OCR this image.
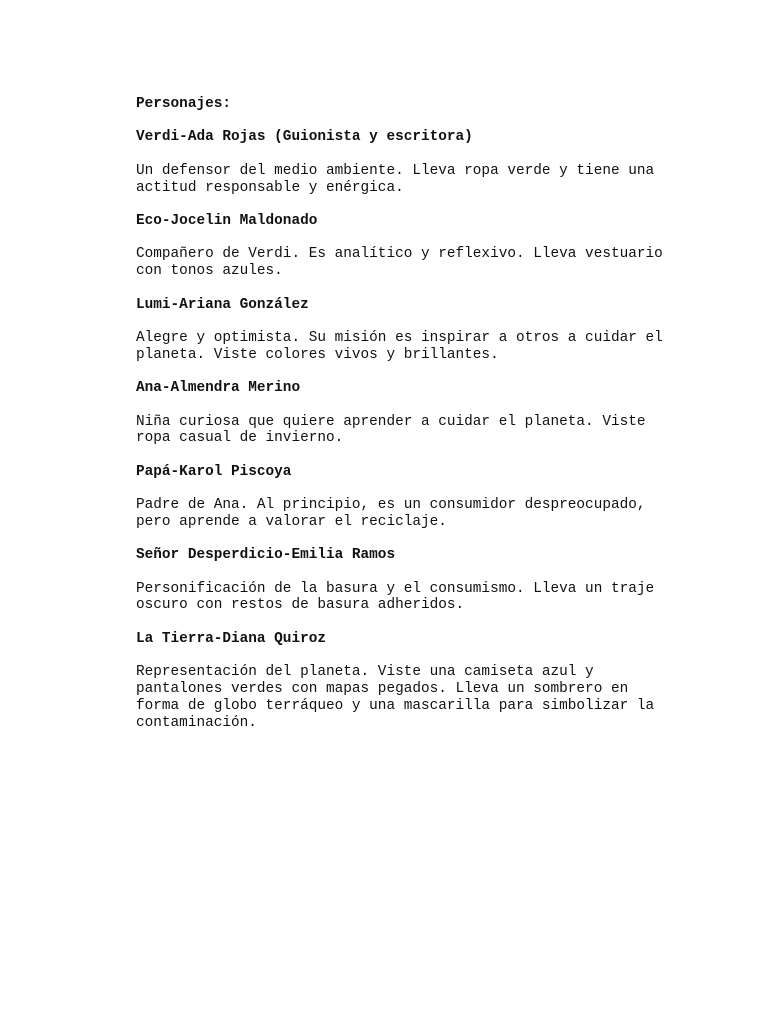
Personajes:

Verdi-Ada Rojas (Guionista y escritora)

Un defensor del medio ambiente. Lleva ropa verde y tiene una
actitud responsable y enérgica.

Eco-Jocelin Maldonado

Compañero de Verdi. Es analítico y reflexivo. Lleva vestuario
con tonos azules.

Lumi-Ariana González

Alegre y optimista. Su misión es inspirar a otros a cuidar el
planeta. Viste colores vivos y brillantes.

Ana-Almendra Merino

Niña curiosa que quiere aprender a cuidar el planeta. Viste
ropa casual de invierno.

Papá-Karol Piscoya

Padre de Ana. Al principio, es un consumidor despreocupado,
pero aprende a valorar el reciclaje.

Señor Desperdicio-Emilia Ramos

Personificación de la basura y el consumismo. Lleva un traje
oscuro con restos de basura adheridos.

La Tierra-Diana Quiroz

Representación del planeta. Viste una camiseta azul y
pantalones verdes con mapas pegados. Lleva un sombrero en
forma de globo terráqueo y una mascarilla para simbolizar la
contaminación.
